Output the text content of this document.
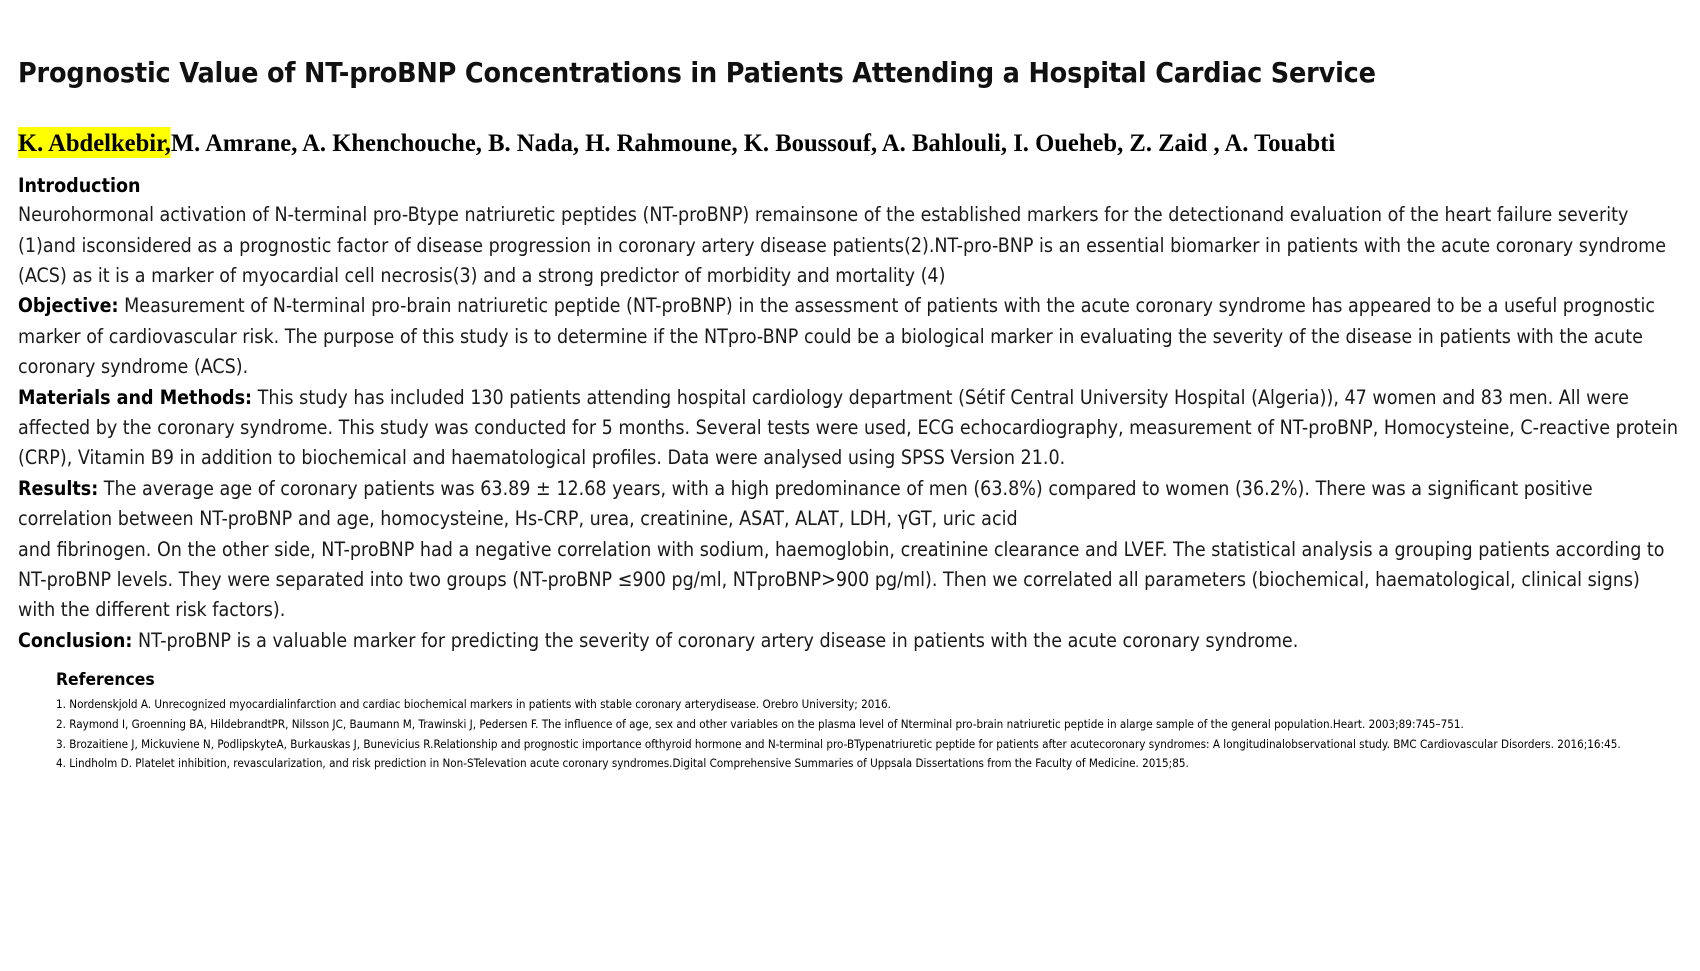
Prognostic Value of NT-proBNP Concentrations in Patients Attending a Hospital Cardiac Service

K. Abdelkebir,M. Amrane, A. Khenchouche, B. Nada, H. Rahmoune, K. Boussouf, A. Bahlouli, I. Oueheb, Z. Zaid , A. Touabti

Introduction

Neurohormonal activation of N-terminal pro-Btype natriuretic peptides (NT-proBNP) remainsone of the established markers for the detectionand evaluation of the heart failure severity (1)and isconsidered as a prognostic factor of disease progression in coronary artery disease patients(2).NT-pro-BNP is an essential biomarker in patients with the acute coronary syndrome (ACS) as it is a marker of myocardial cell necrosis(3) and a strong predictor of morbidity and mortality (4)

Objective: Measurement of N-terminal pro-brain natriuretic peptide (NT-proBNP) in the assessment of patients with the acute coronary syndrome has appeared to be a useful prognostic marker of cardiovascular risk. The purpose of this study is to determine if the NTpro-BNP could be a biological marker in evaluating the severity of the disease in patients with the acute coronary syndrome (ACS).

Materials and Methods: This study has included 130 patients attending hospital cardiology department (Sétif Central University Hospital (Algeria)), 47 women and 83 men. All were affected by the coronary syndrome. This study was conducted for 5 months. Several tests were used, ECG echocardiography, measurement of NT-proBNP, Homocysteine, C-reactive protein (CRP), Vitamin B9 in addition to biochemical and haematological profiles. Data were analysed using SPSS Version 21.0.

Results: The average age of coronary patients was 63.89 ± 12.68 years, with a high predominance of men (63.8%) compared to women (36.2%). There was a significant positive correlation between NT-proBNP and age, homocysteine, Hs-CRP, urea, creatinine, ASAT, ALAT, LDH, γGT, uric acid
and fibrinogen. On the other side, NT-proBNP had a negative correlation with sodium, haemoglobin, creatinine clearance and LVEF. The statistical analysis a grouping patients according to NT-proBNP levels. They were separated into two groups (NT-proBNP ≤900 pg/ml, NTproBNP>900 pg/ml). Then we correlated all parameters (biochemical, haematological, clinical signs) with the different risk factors).

Conclusion: NT-proBNP is a valuable marker for predicting the severity of coronary artery disease in patients with the acute coronary syndrome.

References

1. Nordenskjold A. Unrecognized myocardialinfarction and cardiac biochemical markers in patients with stable coronary arterydisease. Orebro University; 2016.

2. Raymond I, Groenning BA, HildebrandtPR, Nilsson JC, Baumann M, Trawinski J, Pedersen F. The influence of age, sex and other variables on the plasma level of Nterminal pro-brain natriuretic peptide in alarge sample of the general population.Heart. 2003;89:745–751.

3. Brozaitiene J, Mickuviene N, PodlipskyteA, Burkauskas J, Bunevicius R.Relationship and prognostic importance ofthyroid hormone and N-terminal pro-BTypenatriuretic peptide for patients after acutecoronary syndromes: A longitudinalobservational study. BMC Cardiovascular Disorders. 2016;16:45.

4. Lindholm D. Platelet inhibition, revascularization, and risk prediction in Non-STelevation acute coronary syndromes.Digital Comprehensive Summaries of Uppsala Dissertations from the Faculty of Medicine. 2015;85.
